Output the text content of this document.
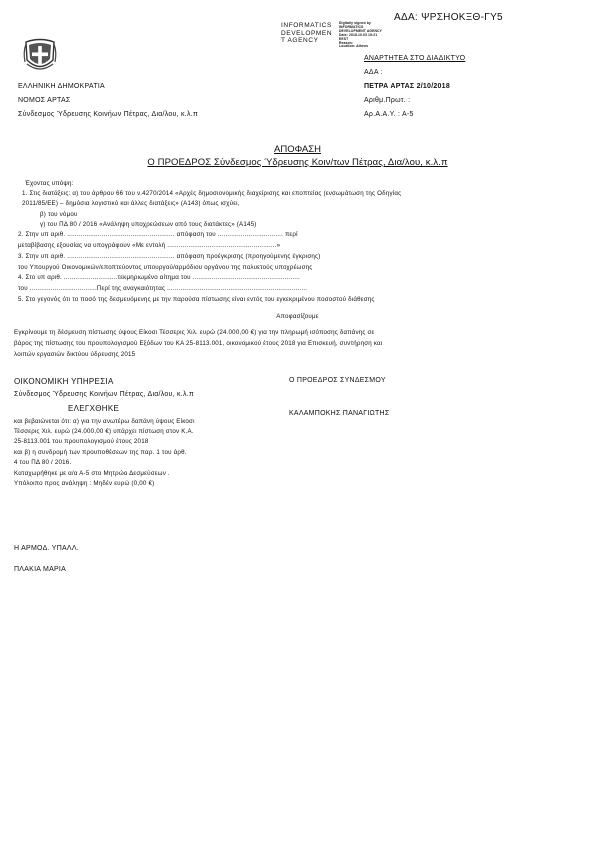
ΑΔΑ: ΨΡΣΗΟΚΞΘ-ΓΥ5
INFORMATICS
DEVELOPMEN
T AGENCY
Digitally signed by
INFORMATICS
DEVELOPMENT AGENCY
Date: 2018.10.03 15:21
EEST
Reason:
Location: Athens
ΕΛΛΗΝΙΚΗ ΔΗΜΟΚΡΑΤΙΑ
ΝΟΜΟΣ ΑΡΤΑΣ
Σύνδεσμος Ύδρευσης Κοινήων Πέτρας, Δια/λου, κ.λ.π
ΑΝΑΡΤΗΤΕΑ ΣΤΟ ΔΙΑΔΙΚΤΥΟ
ΑΔΑ :
ΠΕΤΡΑ ΑΡΤΑΣ 2/10/2018
Αριθμ.Πρωτ. :
Αρ.Α.Α.Υ. : Α-5
ΑΠΟΦΑΣΗ
Ο ΠΡΟΕΔΡΟΣ Σύνδεσμος Ύδρευσης Κοιν/των Πέτρας, Δια/λου, κ.λ.π
Έχοντας υπόψη:
1. Στις διατάξεις: α) του άρθρου 66 του ν.4270/2014 «Αρχές δημοσιονομικής διαχείρισης και εποπτείας (ενσωμάτωση της Οδηγίας
2011/85/ΕΕ) – δημόσια λογιστικό και άλλες διατάξεις» (Α143) όπως ισχύει,
β) του νόμου
γ) του ΠΔ 80 / 2016 «Ανάληψη υποχρεώσεων από τους διατάκτες» (Α145)
2. Στην υπ αριθ. ........................................................ απόφαση του .................................. περί
μεταβίβασης εξουσίας να υπογράφουν «Με εντολή .........................................................»
3. Στην υπ αριθ. ........................................................ απόφαση προέγκρισης (προηγούμενης έγκρισης)
του Υπουργού Οικονομικών/εποπτεύοντος υπουργού/αρμόδιου οργάνου της πολυετούς υποχρέωσης
4. Στο υπ αριθ. ............................τεκμηριωμένο αίτημα του ........................................................
του ...................................Περί της αναγκαιότητας .........................................................................
5. Στο γεγονός ότι το ποσό της δεσμευόμενης με την παρούσα πίστωσης είναι εντός του εγκεκριμένου ποσοστού διάθεσης
Αποφασίζουμε
Εγκρίνουμε τη δέσμευση πίστωσης ύψους Είκοσι Τέσσερις Χιλ. ευρώ (24.000,00 €) για την πληρωμή ισόποσης δαπάνης σε
βάρος της πίστωσης του προυπολογισμού Εξόδων του ΚΑ 25-8113.001, οικονομικού έτους 2018 για Επισκευή, συντήρηση και
λοιπών εργασιών δικτύου ύδρευσης 2015
ΟΙΚΟΝΟΜΙΚΗ ΥΠΗΡΕΣΙΑ
Σύνδεσμος Ύδρευσης Κοινήων Πέτρας, Δια/λου, κ.λ.π
ΕΛΕΓΧΘΗΚΕ
και βεβαιώνεται ότι: α) για την ανωτέρω δαπάνη ύψους Είκοσι
Τέσσερις Χιλ. ευρώ (24.000,00 €) υπάρχει πίστωση στον Κ.Α.
25-8113.001 του προυπολογισμού έτους 2018
και β) η συνδρομή των προυποθέσεων της παρ. 1 του άρθ.
4 του ΠΔ 80 / 2016.
Καταχωρήθηκε με α/α Α-5 στο Μητρώο Δεσμεύσεων .
Υπόλοιπο προς ανάληψη : Μηδέν ευρώ (0,00 €)
Ο ΠΡΟΕΔΡΟΣ ΣΥΝΔΕΣΜΟΥ
ΚΑΛΑΜΠΟΚΗΣ ΠΑΝΑΓΙΩΤΗΣ
Η ΑΡΜΟΔ. ΥΠΑΛΛ.
ΠΛΑΚΙΑ ΜΑΡΙΑ
